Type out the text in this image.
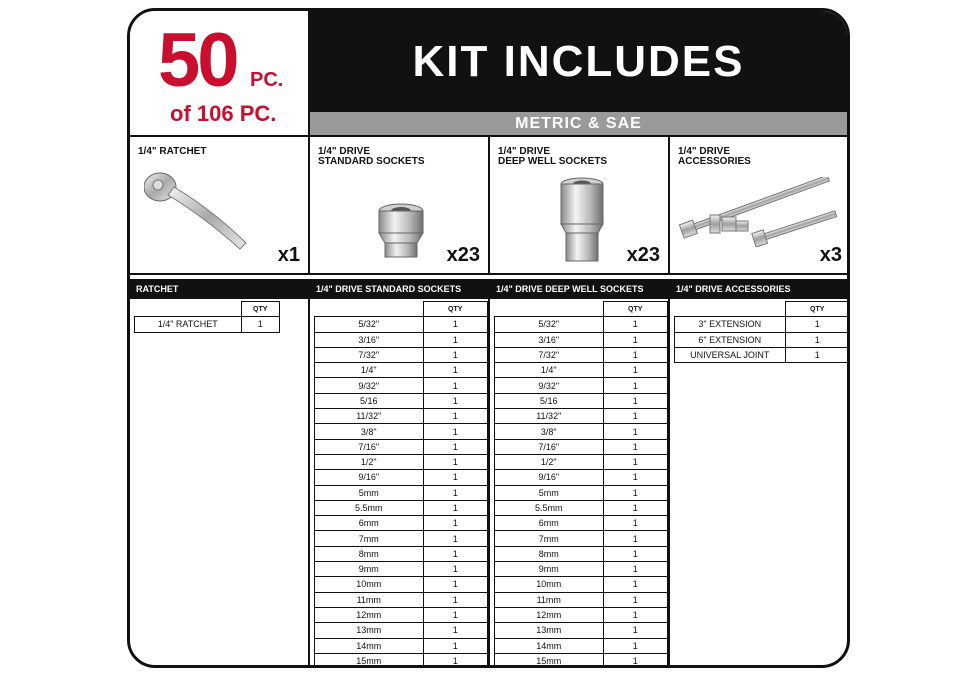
50 PC.
of 106 PC.
KIT INCLUDES
METRIC & SAE
1/4" RATCHET
x1
1/4" DRIVE
STANDARD SOCKETS
x23
1/4" DRIVE
DEEP WELL SOCKETS
x23
1/4" DRIVE
ACCESSORIES
x3
RATCHET	1/4" DRIVE STANDARD SOCKETS	1/4" DRIVE DEEP WELL SOCKETS	1/4" DRIVE ACCESSORIES
	QTY
1/4" RATCHET	1
	QTY
5/32"	1
3/16"	1
7/32"	1
1/4"	1
9/32"	1
5/16	1
11/32"	1
3/8"	1
7/16"	1
1/2"	1
9/16"	1
5mm	1
5.5mm	1
6mm	1
7mm	1
8mm	1
9mm	1
10mm	1
11mm	1
12mm	1
13mm	1
14mm	1
15mm	1
	QTY
5/32"	1
3/16"	1
7/32"	1
1/4"	1
9/32"	1
5/16	1
11/32"	1
3/8"	1
7/16"	1
1/2"	1
9/16"	1
5mm	1
5.5mm	1
6mm	1
7mm	1
8mm	1
9mm	1
10mm	1
11mm	1
12mm	1
13mm	1
14mm	1
15mm	1
	QTY
3" EXTENSION	1
6" EXTENSION	1
UNIVERSAL JOINT	1
